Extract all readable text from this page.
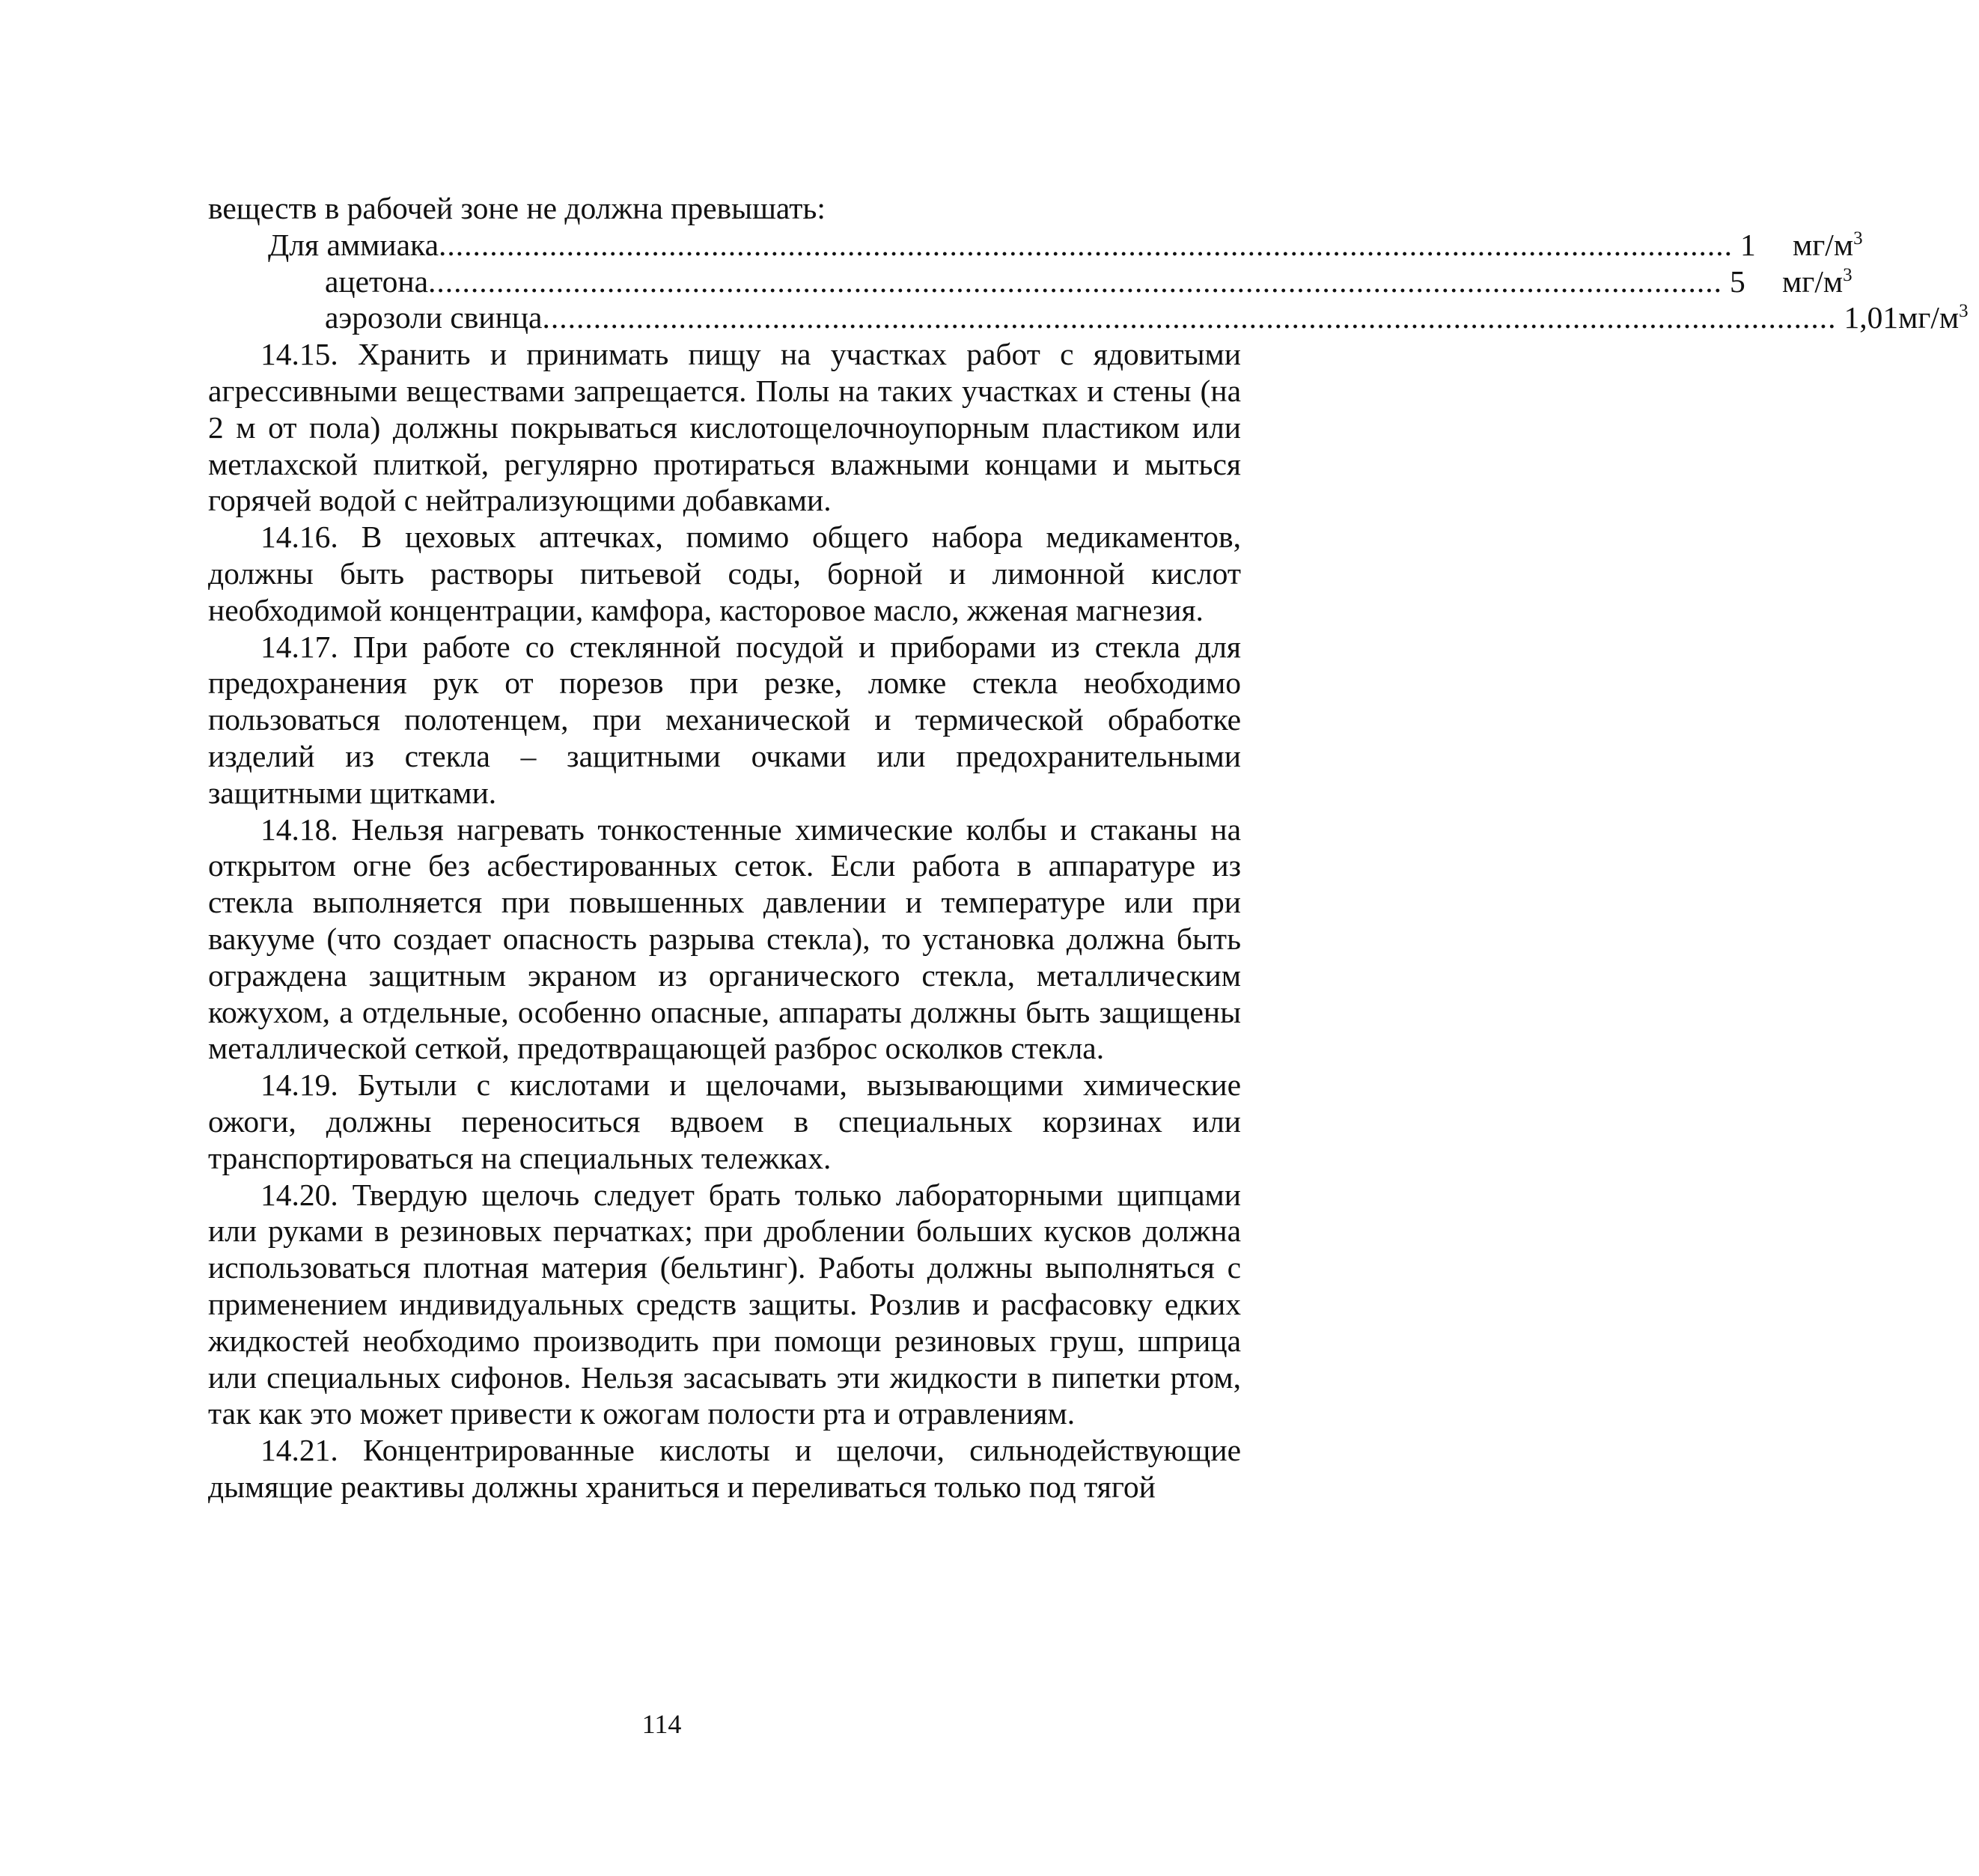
веществ в рабочей зоне не должна превышать:

Для аммиака ........................................................................................................................................................ 1	$мг/м^3$
ацетона ........................................................................................................................................................ 5	$мг/м^3$
аэрозоли свинца ........................................................................................................................................................ 1,01 $мг/м^3$

14.15. Хранить и принимать пищу на участках работ с ядовитыми агрессивными веществами запрещается. Полы на таких участках и стены (на 2 м от пола) должны покрываться кислотощелочноупорным пластиком или метлахской плиткой, регулярно протираться влажными концами и мыться горячей водой с нейтрализующими добавками.

14.16. В цеховых аптечках, помимо общего набора медикаментов, должны быть растворы питьевой соды, борной и лимонной кислот необходимой концентрации, камфора, касторовое масло, жженая магнезия.

14.17. При работе со стеклянной посудой и приборами из стекла для предохранения рук от порезов при резке, ломке стекла необходимо пользоваться полотенцем, при механической и термической обработке изделий из стекла – защитными очками или предохранительными защитными щитками.

14.18. Нельзя нагревать тонкостенные химические колбы и стаканы на открытом огне без асбестированных сеток. Если работа в аппаратуре из стекла выполняется при повышенных давлении и температуре или при вакууме (что создает опасность разрыва стекла), то установка должна быть ограждена защитным экраном из органического стекла, металлическим кожухом, а отдельные, особенно опасные, аппараты должны быть защищены металлической сеткой, предотвращающей разброс осколков стекла.

14.19. Бутыли с кислотами и щелочами, вызывающими химические ожоги, должны переноситься вдвоем в специальных корзинах или транспортироваться на специальных тележках.

14.20. Твердую щелочь следует брать только лабораторными щипцами или руками в резиновых перчатках; при дроблении больших кусков должна использоваться плотная материя (бельтинг). Работы должны выполняться с применением индивидуальных средств защиты. Розлив и расфасовку едких жидкостей необходимо производить при помощи резиновых груш, шприца или специальных сифонов. Нельзя засасывать эти жидкости в пипетки ртом, так как это может привести к ожогам полости рта и отравлениям.

14.21. Концентрированные кислоты и щелочи, сильнодействующие дымящие реактивы должны храниться и переливаться только под тягой

114
